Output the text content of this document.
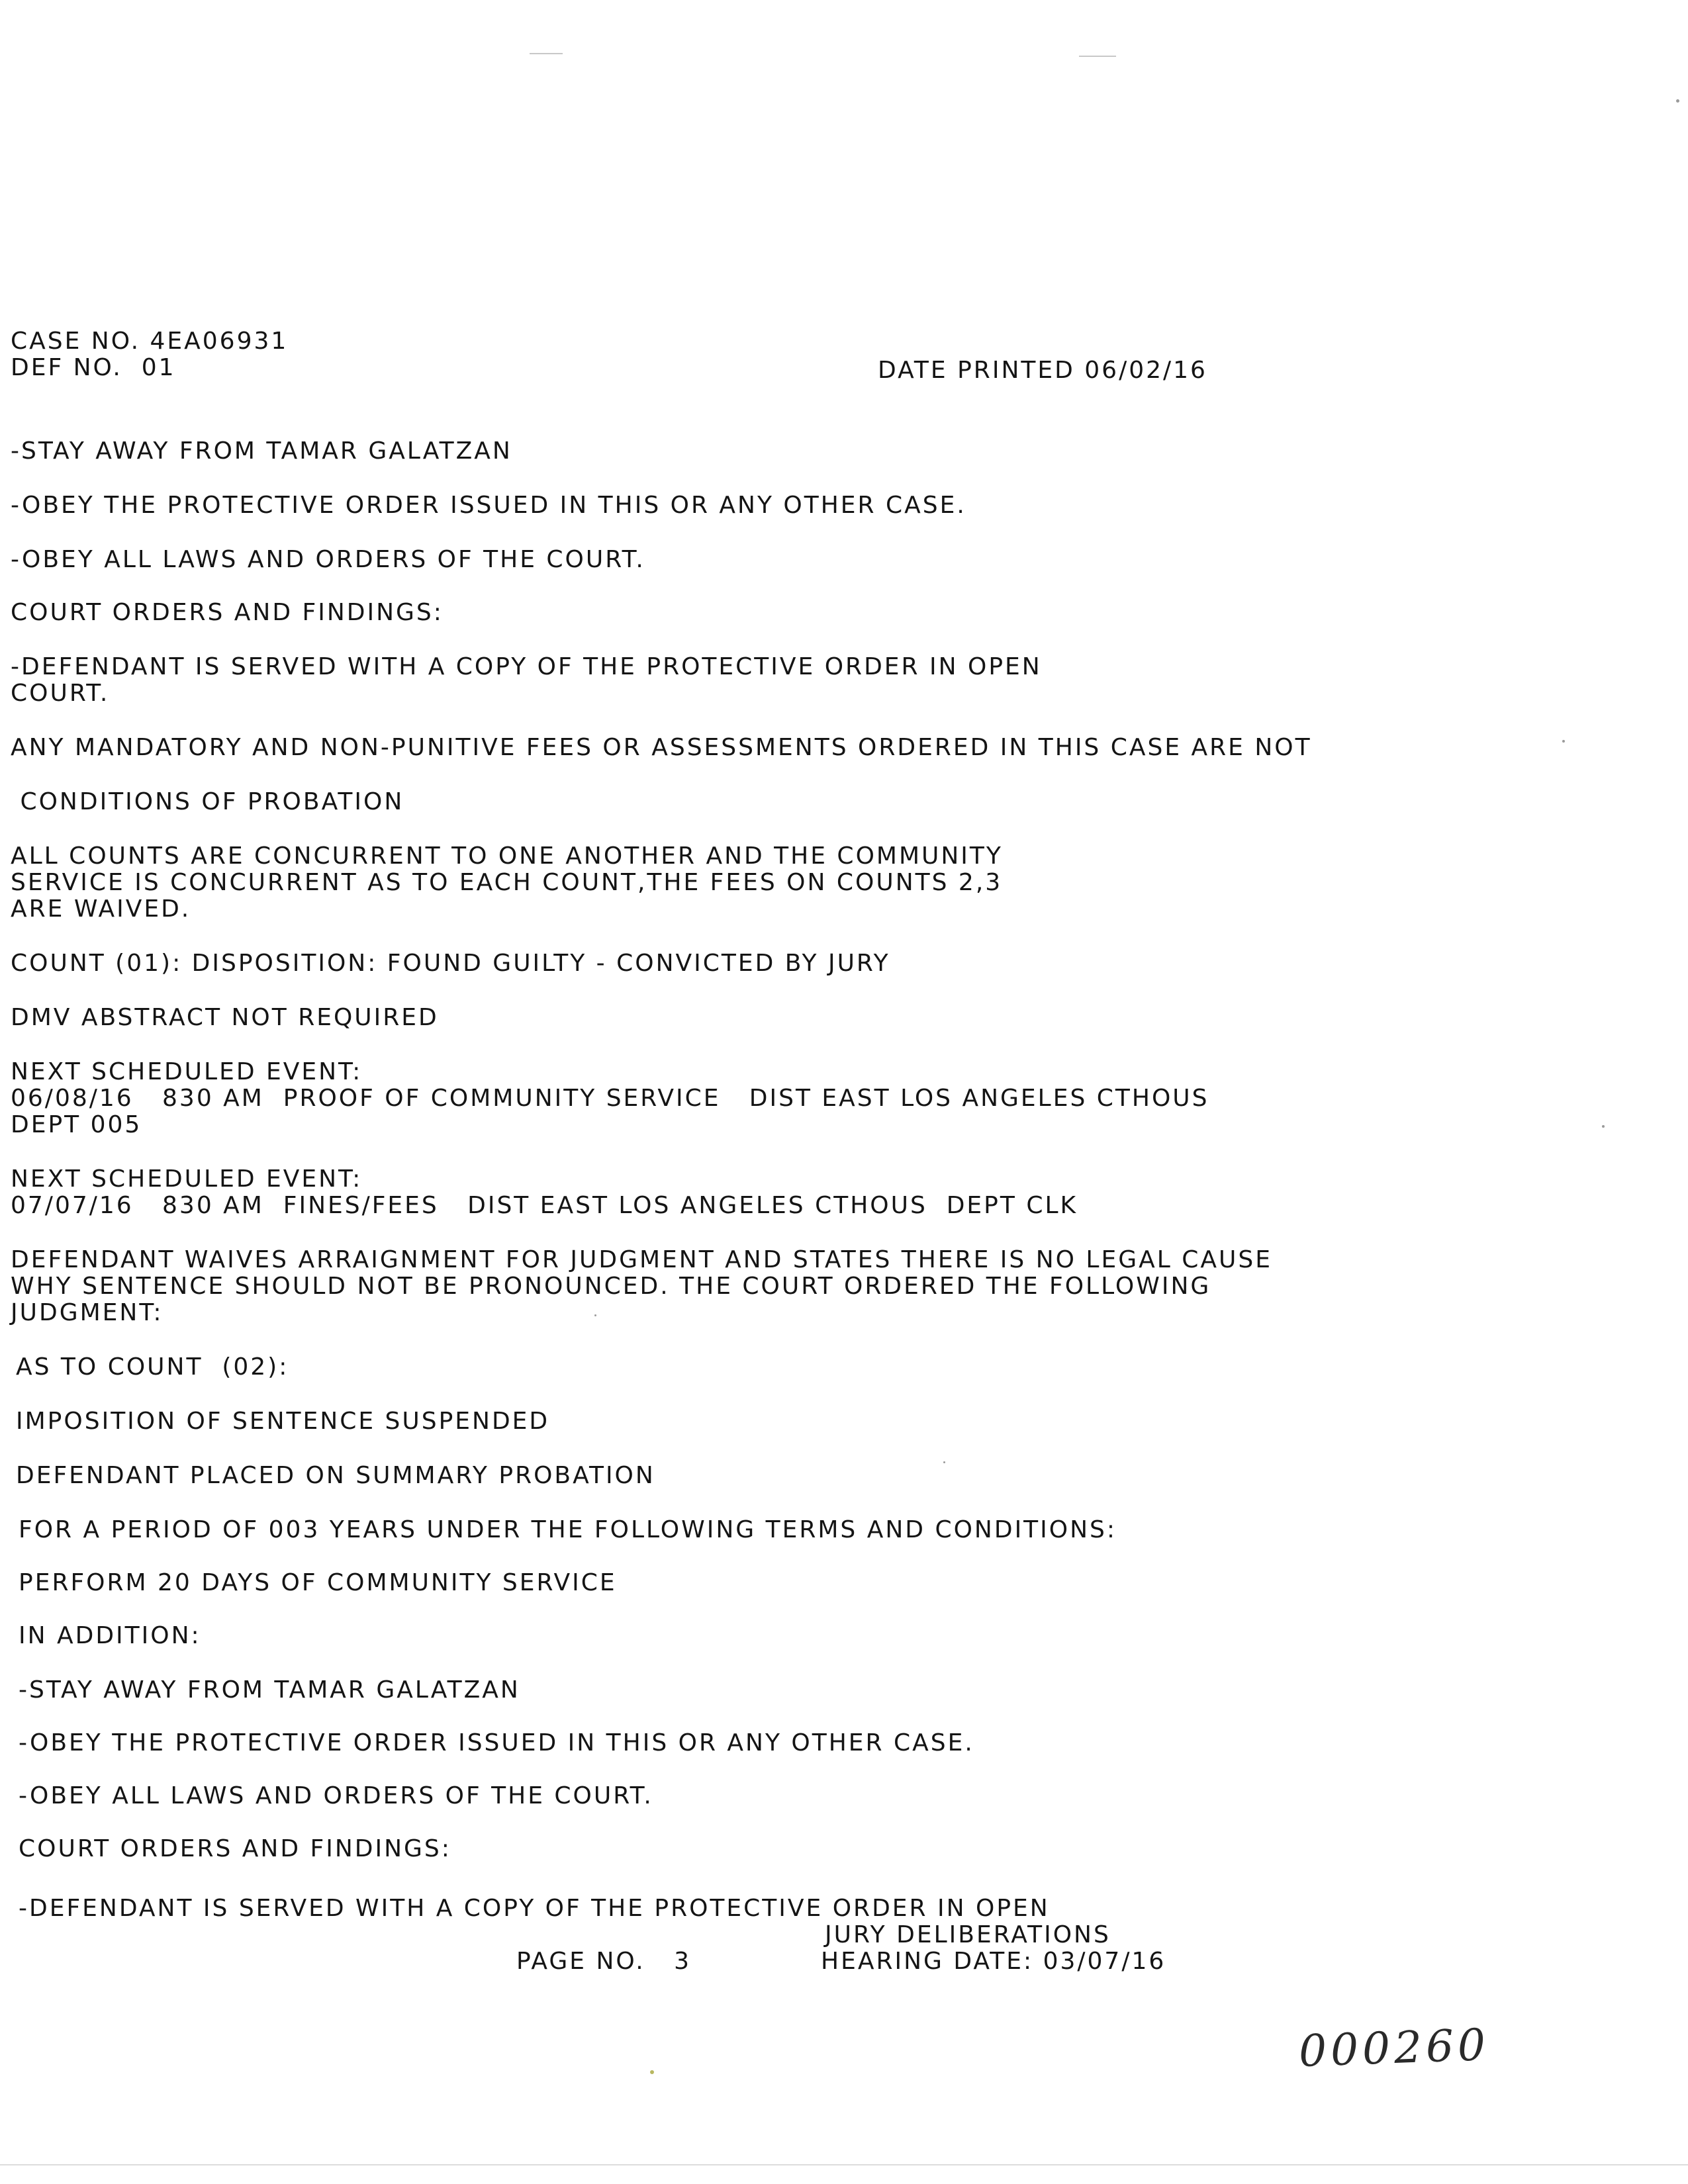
CASE NO. 4EA06931
DEF NO.  01	DATE PRINTED 06/02/16
-STAY AWAY FROM TAMAR GALATZAN
-OBEY THE PROTECTIVE ORDER ISSUED IN THIS OR ANY OTHER CASE.
-OBEY ALL LAWS AND ORDERS OF THE COURT.
COURT ORDERS AND FINDINGS:
-DEFENDANT IS SERVED WITH A COPY OF THE PROTECTIVE ORDER IN OPEN
COURT.
ANY MANDATORY AND NON-PUNITIVE FEES OR ASSESSMENTS ORDERED IN THIS CASE ARE NOT
CONDITIONS OF PROBATION
ALL COUNTS ARE CONCURRENT TO ONE ANOTHER AND THE COMMUNITY
SERVICE IS CONCURRENT AS TO EACH COUNT,THE FEES ON COUNTS 2,3
ARE WAIVED.
COUNT (01): DISPOSITION: FOUND GUILTY - CONVICTED BY JURY
DMV ABSTRACT NOT REQUIRED
NEXT SCHEDULED EVENT:
06/08/16   830 AM  PROOF OF COMMUNITY SERVICE   DIST EAST LOS ANGELES CTHOUS
DEPT 005
NEXT SCHEDULED EVENT:
07/07/16   830 AM  FINES/FEES   DIST EAST LOS ANGELES CTHOUS  DEPT CLK
DEFENDANT WAIVES ARRAIGNMENT FOR JUDGMENT AND STATES THERE IS NO LEGAL CAUSE
WHY SENTENCE SHOULD NOT BE PRONOUNCED. THE COURT ORDERED THE FOLLOWING
JUDGMENT:
AS TO COUNT  (02):
IMPOSITION OF SENTENCE SUSPENDED
DEFENDANT PLACED ON SUMMARY PROBATION
FOR A PERIOD OF 003 YEARS UNDER THE FOLLOWING TERMS AND CONDITIONS:
PERFORM 20 DAYS OF COMMUNITY SERVICE
IN ADDITION:
-STAY AWAY FROM TAMAR GALATZAN
-OBEY THE PROTECTIVE ORDER ISSUED IN THIS OR ANY OTHER CASE.
-OBEY ALL LAWS AND ORDERS OF THE COURT.
COURT ORDERS AND FINDINGS:
-DEFENDANT IS SERVED WITH A COPY OF THE PROTECTIVE ORDER IN OPEN
JURY DELIBERATIONS
PAGE NO.   3	HEARING DATE: 03/07/16
000260
